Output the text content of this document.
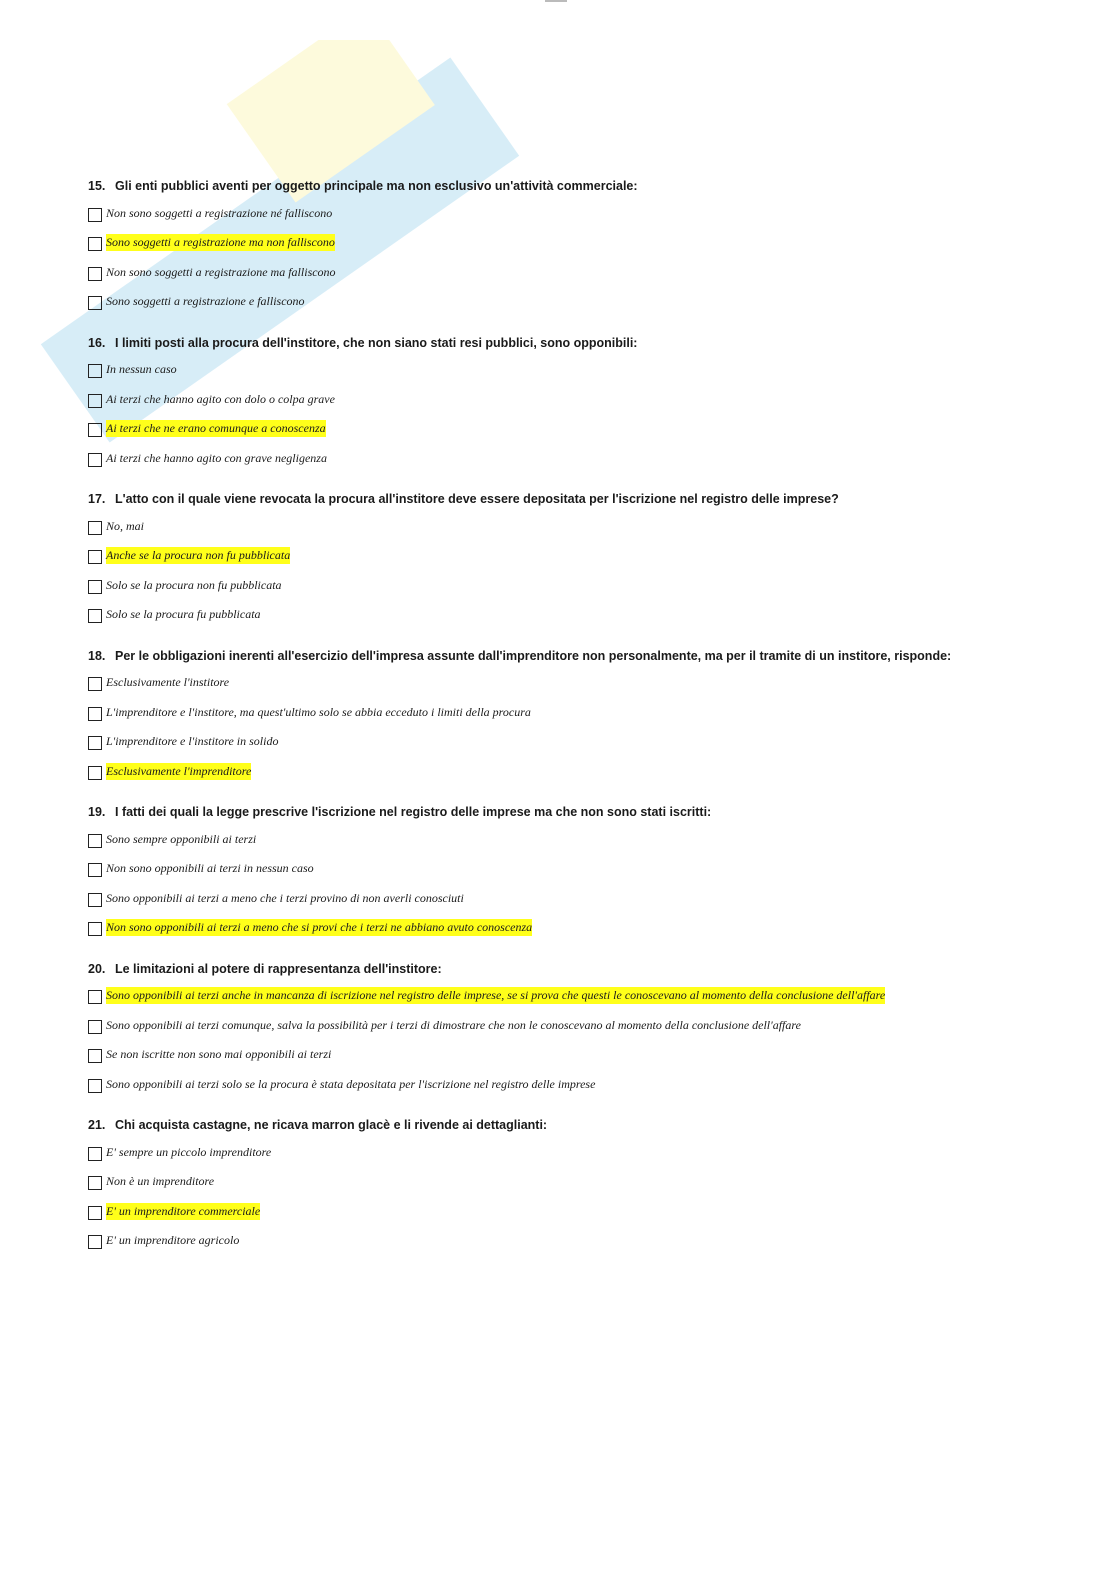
15. Gli enti pubblici aventi per oggetto principale ma non esclusivo un'attività commerciale:
Non sono soggetti a registrazione né falliscono
Sono soggetti a registrazione ma non falliscono
Non sono soggetti a registrazione ma falliscono
Sono soggetti a registrazione e falliscono
16. I limiti posti alla procura dell'institore, che non siano stati resi pubblici, sono opponibili:
In nessun caso
Ai terzi che hanno agito con dolo o colpa grave
Ai terzi che ne erano comunque a conoscenza
Ai terzi che hanno agito con grave negligenza
17. L'atto con il quale viene revocata la procura all'institore deve essere depositata per l'iscrizione nel registro delle imprese?
No, mai
Anche se la procura non fu pubblicata
Solo se la procura non fu pubblicata
Solo se la procura fu pubblicata
18. Per le obbligazioni inerenti all'esercizio dell'impresa assunte dall'imprenditore non personalmente, ma per il tramite di un institore, risponde:
Esclusivamente l'institore
L'imprenditore e l'institore, ma quest'ultimo solo se abbia ecceduto i limiti della procura
L'imprenditore e l'institore in solido
Esclusivamente l'imprenditore
19. I fatti dei quali la legge prescrive l'iscrizione nel registro delle imprese ma che non sono stati iscritti:
Sono sempre opponibili ai terzi
Non sono opponibili ai terzi in nessun caso
Sono opponibili ai terzi a meno che i terzi provino di non averli conosciuti
Non sono opponibili ai terzi a meno che si provi che i terzi ne abbiano avuto conoscenza
20. Le limitazioni al potere di rappresentanza dell'institore:
Sono opponibili ai terzi anche in mancanza di iscrizione nel registro delle imprese, se si prova che questi le conoscevano al momento della conclusione dell'affare
Sono opponibili ai terzi comunque, salva la possibilità per i terzi di dimostrare che non le conoscevano al momento della conclusione dell'affare
Se non iscritte non sono mai opponibili ai terzi
Sono opponibili ai terzi solo se la procura è stata depositata per l'iscrizione nel registro delle imprese
21. Chi acquista castagne, ne ricava marron glacè e li rivende ai dettaglianti:
E' sempre un piccolo imprenditore
Non è un imprenditore
E' un imprenditore commerciale
E' un imprenditore agricolo
